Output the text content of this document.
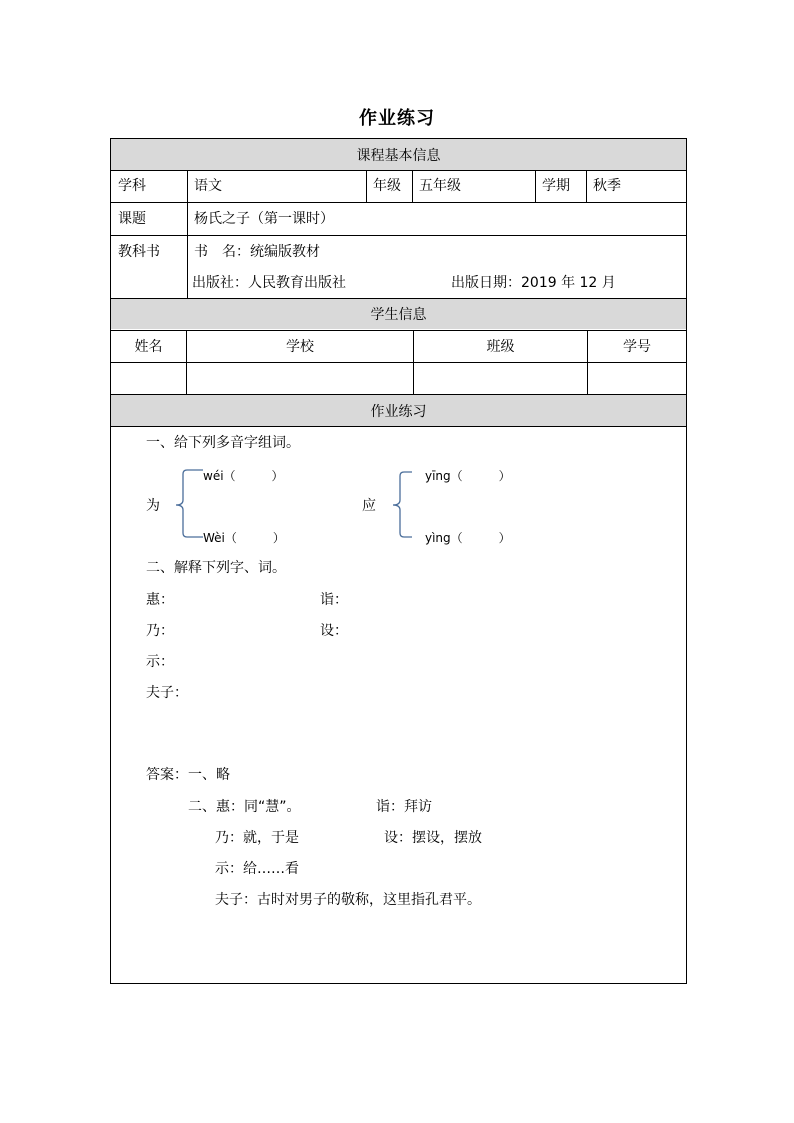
作业练习
课程基本信息
学生信息
作业练习
学科	语文	年级 五年级	学期 秋季
课题	杨氏之子（第一课时）
教科书 书　名：统编版教材
出版社：人民教育出版社	出版日期：2019 年 12 月
姓名	学校	班级	学号
一、给下列多音字组词。
为
wéi（　　　）
Wèi（　　　）
应
yīng（　　　）
yìng（　　　）
二、解释下列字、词。
惠：	诣：
乃：	设：
示：
夫子：
答案：一、略
二、惠：同“慧”。	诣：拜访
乃：就，于是	设：摆设，摆放
示：给……看
夫子：古时对男子的敬称，这里指孔君平。
